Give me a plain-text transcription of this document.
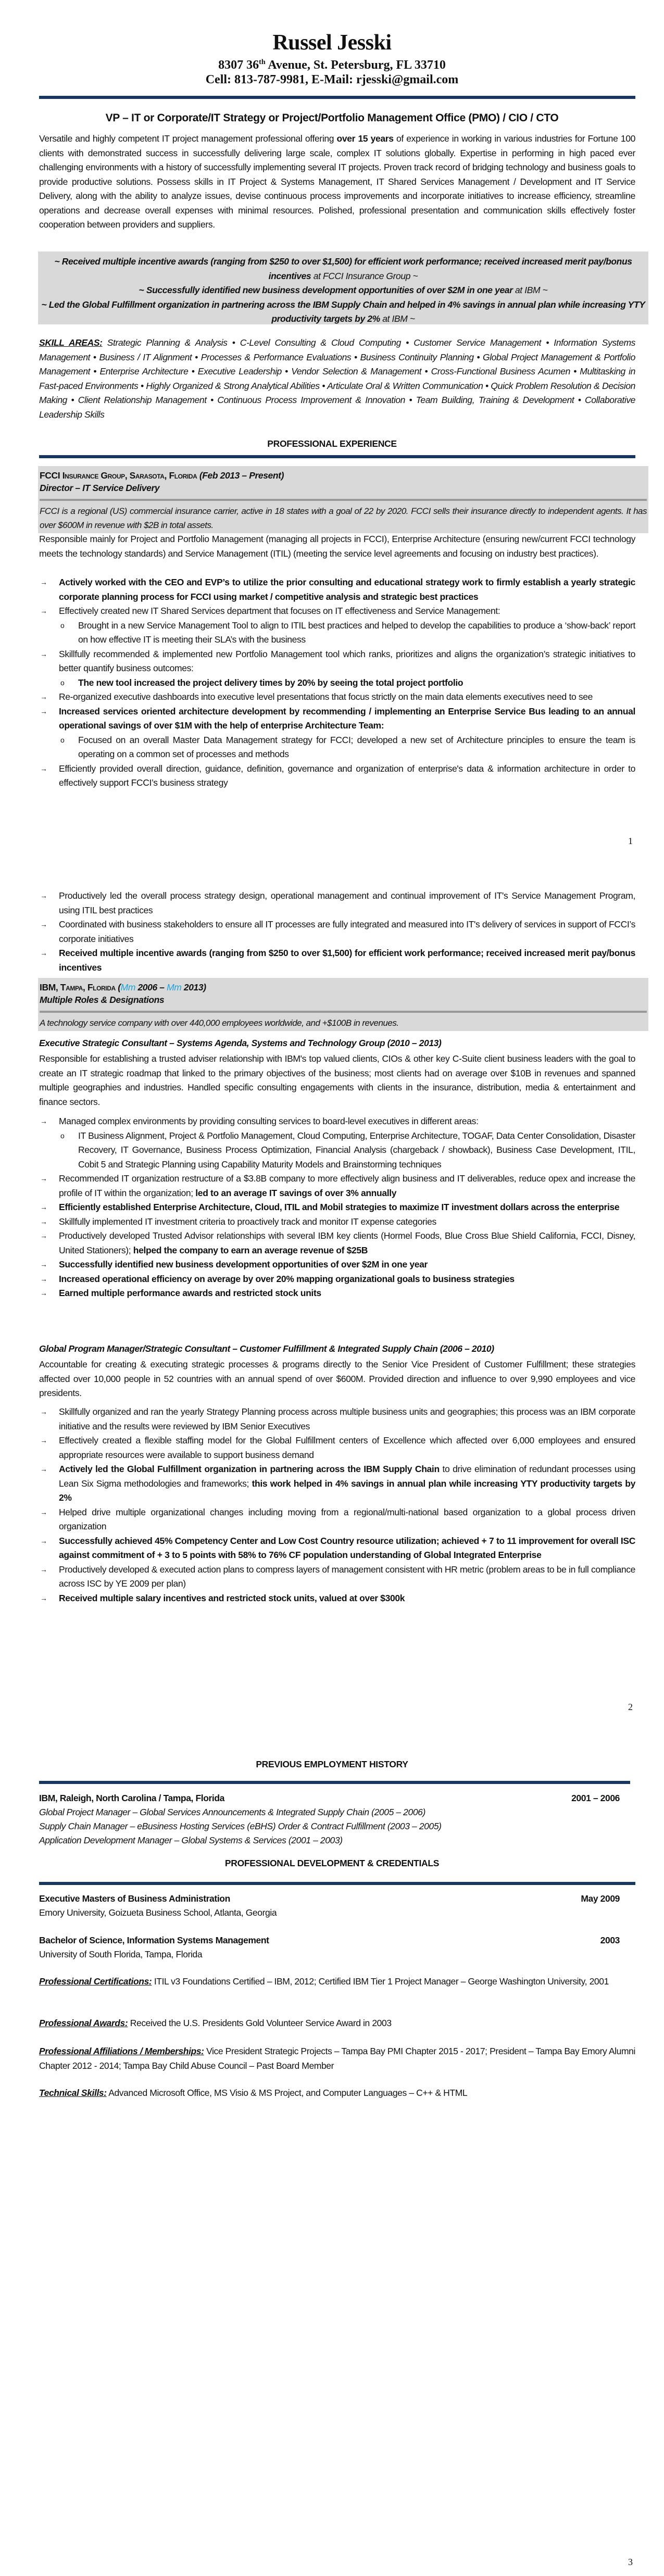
Russel Jesski
8307 36th Avenue, St. Petersburg, FL 33710
Cell: 813-787-9981, E-Mail: rjesski@gmail.com
VP – IT or Corporate/IT Strategy or Project/Portfolio Management Office (PMO) / CIO / CTO
Versatile and highly competent IT project management professional offering over 15 years of experience in working in various industries for Fortune 100 clients with demonstrated success in successfully delivering large scale, complex IT solutions globally. Expertise in performing in high paced ever challenging environments with a history of successfully implementing several IT projects. Proven track record of bridging technology and business goals to provide productive solutions. Possess skills in IT Project & Systems Management, IT Shared Services Management / Development and IT Service Delivery, along with the ability to analyze issues, devise continuous process improvements and incorporate initiatives to increase efficiency, streamline operations and decrease overall expenses with minimal resources. Polished, professional presentation and communication skills effectively foster cooperation between providers and suppliers.
~ Received multiple incentive awards (ranging from $250 to over $1,500) for efficient work performance; received increased merit pay/bonus incentives at FCCI Insurance Group ~
~ Successfully identified new business development opportunities of over $2M in one year at IBM ~
~ Led the Global Fulfillment organization in partnering across the IBM Supply Chain and helped in 4% savings in annual plan while increasing YTY productivity targets by 2% at IBM ~
SKILL AREAS: Strategic Planning & Analysis • C-Level Consulting & Cloud Computing • Customer Service Management • Information Systems Management • Business / IT Alignment • Processes & Performance Evaluations • Business Continuity Planning • Global Project Management & Portfolio Management • Enterprise Architecture • Executive Leadership • Vendor Selection & Management • Cross-Functional Business Acumen • Multitasking in Fast-paced Environments • Highly Organized & Strong Analytical Abilities • Articulate Oral & Written Communication • Quick Problem Resolution & Decision Making • Client Relationship Management • Continuous Process Improvement & Innovation • Team Building, Training & Development • Collaborative Leadership Skills
PROFESSIONAL EXPERIENCE
FCCI Insurance Group, Sarasota, Florida (Feb 2013 – Present)
Director – IT Service Delivery
FCCI is a regional (US) commercial insurance carrier, active in 18 states with a goal of 22 by 2020. FCCI sells their insurance directly to independent agents. It has over $600M in revenue with $2B in total assets.
Responsible mainly for Project and Portfolio Management (managing all projects in FCCI), Enterprise Architecture (ensuring new/current FCCI technology meets the technology standards) and Service Management (ITIL) (meeting the service level agreements and focusing on industry best practices).
→ Actively worked with the CEO and EVP’s to utilize the prior consulting and educational strategy work to firmly establish a yearly strategic corporate planning process for FCCI using market / competitive analysis and strategic best practices
→ Effectively created new IT Shared Services department that focuses on IT effectiveness and Service Management:
o Brought in a new Service Management Tool to align to ITIL best practices and helped to develop the capabilities to produce a ‘show-back’ report on how effective IT is meeting their SLA’s with the business
→ Skillfully recommended & implemented new Portfolio Management tool which ranks, prioritizes and aligns the organization’s strategic initiatives to better quantify business outcomes:
o The new tool increased the project delivery times by 20% by seeing the total project portfolio
→ Re-organized executive dashboards into executive level presentations that focus strictly on the main data elements executives need to see
→ Increased services oriented architecture development by recommending / implementing an Enterprise Service Bus leading to an annual operational savings of over $1M with the help of enterprise Architecture Team:
o Focused on an overall Master Data Management strategy for FCCI; developed a new set of Architecture principles to ensure the team is operating on a common set of processes and methods
→ Efficiently provided overall direction, guidance, definition, governance and organization of enterprise's data & information architecture in order to effectively support FCCI’s business strategy
1
→ Productively led the overall process strategy design, operational management and continual improvement of IT's Service Management Program, using ITIL best practices
→ Coordinated with business stakeholders to ensure all IT processes are fully integrated and measured into IT's delivery of services in support of FCCI’s corporate initiatives
→ Received multiple incentive awards (ranging from $250 to over $1,500) for efficient work performance; received increased merit pay/bonus incentives
IBM, Tampa, Florida (Mm 2006 – Mm 2013)
Multiple Roles & Designations
A technology service company with over 440,000 employees worldwide, and +$100B in revenues.
Executive Strategic Consultant – Systems Agenda, Systems and Technology Group (2010 – 2013)
Responsible for establishing a trusted adviser relationship with IBM's top valued clients, CIOs & other key C-Suite client business leaders with the goal to create an IT strategic roadmap that linked to the primary objectives of the business; most clients had on average over $10B in revenues and spanned multiple geographies and industries. Handled specific consulting engagements with clients in the insurance, distribution, media & entertainment and finance sectors.
→ Managed complex environments by providing consulting services to board-level executives in different areas:
o IT Business Alignment, Project & Portfolio Management, Cloud Computing, Enterprise Architecture, TOGAF, Data Center Consolidation, Disaster Recovery, IT Governance, Business Process Optimization, Financial Analysis (chargeback / showback), Business Case Development, ITIL, Cobit 5 and Strategic Planning using Capability Maturity Models and Brainstorming techniques
→ Recommended IT organization restructure of a $3.8B company to more effectively align business and IT deliverables, reduce opex and increase the profile of IT within the organization; led to an average IT savings of over 3% annually
→ Efficiently established Enterprise Architecture, Cloud, ITIL and Mobil strategies to maximize IT investment dollars across the enterprise
→ Skillfully implemented IT investment criteria to proactively track and monitor IT expense categories
→ Productively developed Trusted Advisor relationships with several IBM key clients (Hormel Foods, Blue Cross Blue Shield California, FCCI, Disney, United Stationers); helped the company to earn an average revenue of $25B
→ Successfully identified new business development opportunities of over $2M in one year
→ Increased operational efficiency on average by over 20% mapping organizational goals to business strategies
→ Earned multiple performance awards and restricted stock units
Global Program Manager/Strategic Consultant – Customer Fulfillment & Integrated Supply Chain (2006 – 2010)
Accountable for creating & executing strategic processes & programs directly to the Senior Vice President of Customer Fulfillment; these strategies affected over 10,000 people in 52 countries with an annual spend of over $600M. Provided direction and influence to over 9,990 employees and vice presidents.
→ Skillfully organized and ran the yearly Strategy Planning process across multiple business units and geographies; this process was an IBM corporate initiative and the results were reviewed by IBM Senior Executives
→ Effectively created a flexible staffing model for the Global Fulfillment centers of Excellence which affected over 6,000 employees and ensured appropriate resources were available to support business demand
→ Actively led the Global Fulfillment organization in partnering across the IBM Supply Chain to drive elimination of redundant processes using Lean Six Sigma methodologies and frameworks; this work helped in 4% savings in annual plan while increasing YTY productivity targets by 2%
→ Helped drive multiple organizational changes including moving from a regional/multi-national based organization to a global process driven organization
→ Successfully achieved 45% Competency Center and Low Cost Country resource utilization; achieved + 7 to 11 improvement for overall ISC against commitment of + 3 to 5 points with 58% to 76% CF population understanding of Global Integrated Enterprise
→ Productively developed & executed action plans to compress layers of management consistent with HR metric (problem areas to be in full compliance across ISC by YE 2009 per plan)
→ Received multiple salary incentives and restricted stock units, valued at over $300k
2
PREVIOUS EMPLOYMENT HISTORY
IBM, Raleigh, North Carolina / Tampa, Florida	2001 – 2006
Global Project Manager – Global Services Announcements & Integrated Supply Chain (2005 – 2006)
Supply Chain Manager – eBusiness Hosting Services (eBHS) Order & Contract Fulfillment (2003 – 2005)
Application Development Manager – Global Systems & Services (2001 – 2003)
PROFESSIONAL DEVELOPMENT & CREDENTIALS
Executive Masters of Business Administration	May 2009
Emory University, Goizueta Business School, Atlanta, Georgia
Bachelor of Science, Information Systems Management	2003
University of South Florida, Tampa, Florida
Professional Certifications: ITIL v3 Foundations Certified – IBM, 2012; Certified IBM Tier 1 Project Manager – George Washington University, 2001
Professional Awards: Received the U.S. Presidents Gold Volunteer Service Award in 2003
Professional Affiliations / Memberships: Vice President Strategic Projects – Tampa Bay PMI Chapter 2015 - 2017; President – Tampa Bay Emory Alumni Chapter 2012 - 2014; Tampa Bay Child Abuse Council – Past Board Member
Technical Skills: Advanced Microsoft Office, MS Visio & MS Project, and Computer Languages – C++ & HTML
3
